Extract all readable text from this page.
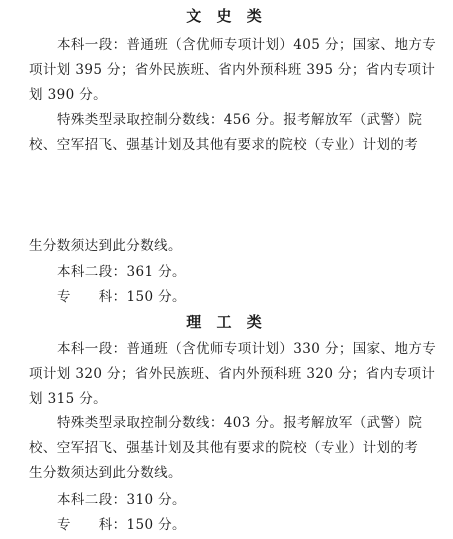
文 史 类
本科一段：普通班（含优师专项计划）405 分；国家、地方专
项计划 395 分；省外民族班、省内外预科班 395 分；省内专项计
划 390 分。
特殊类型录取控制分数线：456 分。报考解放军（武警）院
校、空军招飞、强基计划及其他有要求的院校（专业）计划的考
生分数须达到此分数线。
本科二段：361 分。
专　　科：150 分。
理 工 类
本科一段：普通班（含优师专项计划）330 分；国家、地方专
项计划 320 分；省外民族班、省内外预科班 320 分；省内专项计
划 315 分。
特殊类型录取控制分数线：403 分。报考解放军（武警）院
校、空军招飞、强基计划及其他有要求的院校（专业）计划的考
生分数须达到此分数线。
本科二段：310 分。
专　　科：150 分。
